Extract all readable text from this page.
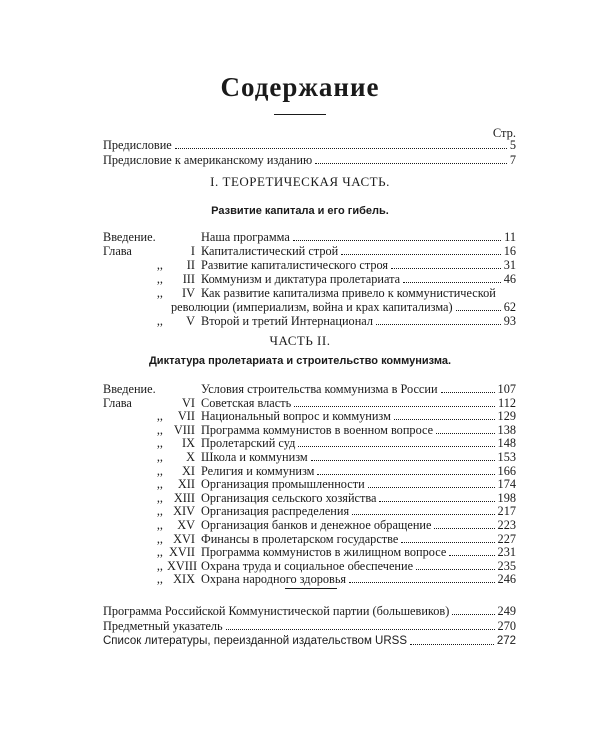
Содержание
Стр.
Предисловие	5
Предисловие к американскому изданию	7
I. ТЕОРЕТИЧЕСКАЯ ЧАСТЬ.
Развитие капитала и его гибель.
Введение.	Наша программа	11
Глава	I Капиталистический строй	16
,,	II Развитие капиталистического строя	31
,,	III Коммунизм и диктатура пролетариата	46
,,	IV Как развитие капитализма привело к коммунистической
революции (империализм, война и крах капитализма)	62
,,	V Второй и третий Интернационал	93
ЧАСТЬ II.
Диктатура пролетариата и строительство коммунизма.
Введение.	Условия строительства коммунизма в России	107
Глава	VI Советская власть	112
,,	VII Национальный вопрос и коммунизм	129
,, VIII Программа коммунистов в военном вопросе	138
,,	IX Пролетарский суд	148
,,	X Школа и коммунизм	153
,,	XI Религия и коммунизм	166
,,	XII Организация промышленности	174
,, XIII Организация сельского хозяйства	198
,, XIV Организация распределения	217
,,	XV Организация банков и денежное обращение	223
,, XVI Финансы в пролетарском государстве	227
,, XVII Программа коммунистов в жилищном вопросе	231
,, XVIII Охрана труда и социальное обеспечение	235
,, XIX Охрана народного здоровья	246
Программа Российской Коммунистической партии (большевиков)	249
Предметный указатель	270
Список литературы, переизданной издательством URSS	272
